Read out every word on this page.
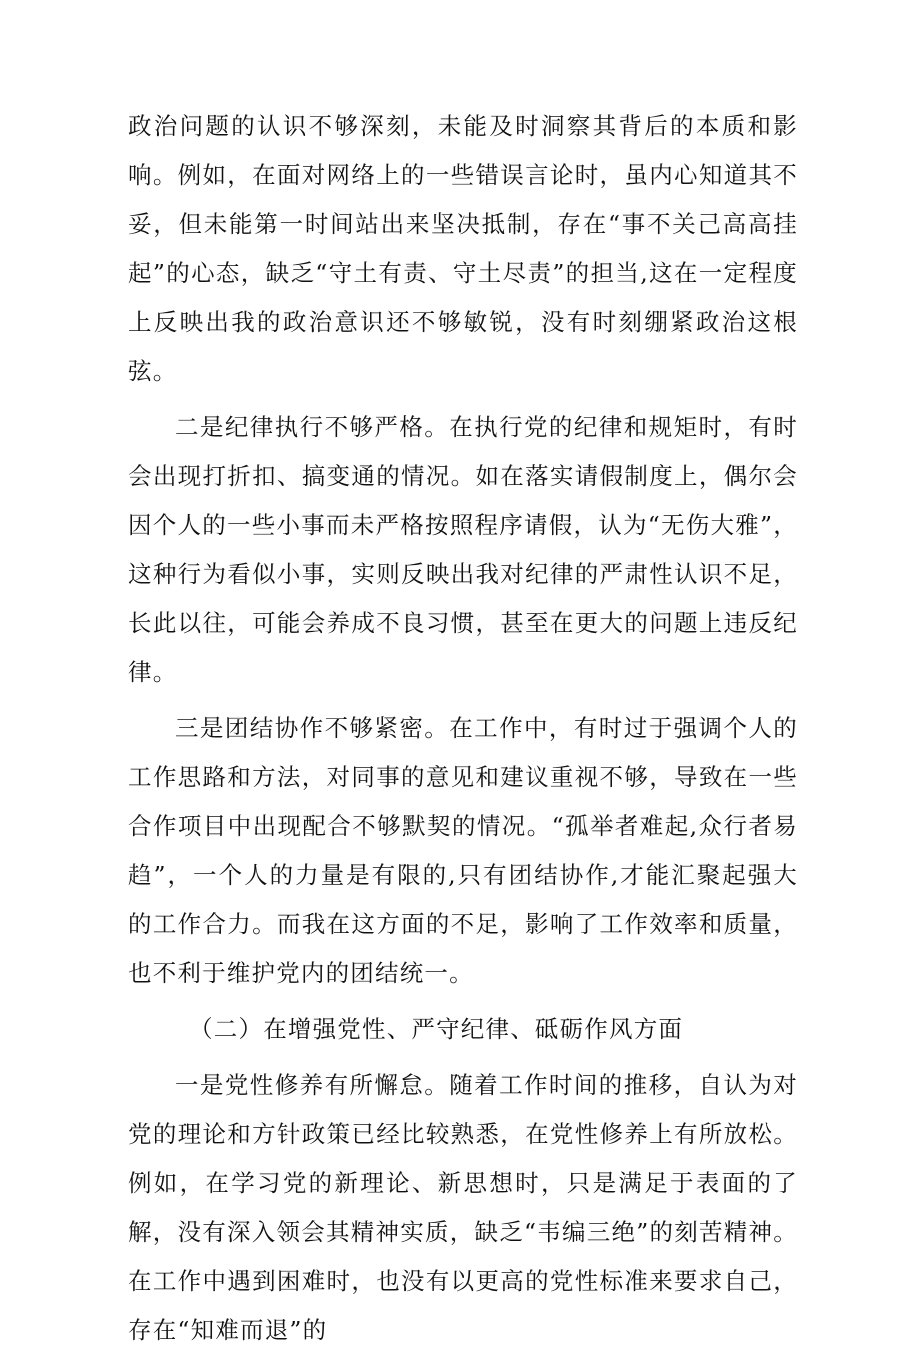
政治问题的认识不够深刻，未能及时洞察其背后的本质和影响。例如，在面对网络上的一些错误言论时，虽内心知道其不妥，但未能第一时间站出来坚决抵制，存在“事不关己高高挂起”的心态，缺乏“守土有责、守土尽责”的担当,这在一定程度上反映出我的政治意识还不够敏锐，没有时刻绷紧政治这根弦。

二是纪律执行不够严格。在执行党的纪律和规矩时，有时会出现打折扣、搞变通的情况。如在落实请假制度上，偶尔会因个人的一些小事而未严格按照程序请假，认为“无伤大雅”，这种行为看似小事，实则反映出我对纪律的严肃性认识不足，长此以往，可能会养成不良习惯，甚至在更大的问题上违反纪律。

三是团结协作不够紧密。在工作中，有时过于强调个人的工作思路和方法，对同事的意见和建议重视不够，导致在一些合作项目中出现配合不够默契的情况。“孤举者难起,众行者易趋”，一个人的力量是有限的,只有团结协作,才能汇聚起强大的工作合力。而我在这方面的不足，影响了工作效率和质量，也不利于维护党内的团结统一。

（二）在增强党性、严守纪律、砥砺作风方面

一是党性修养有所懈怠。随着工作时间的推移，自认为对党的理论和方针政策已经比较熟悉，在党性修养上有所放松。例如，在学习党的新理论、新思想时，只是满足于表面的了解，没有深入领会其精神实质，缺乏“韦编三绝”的刻苦精神。在工作中遇到困难时，也没有以更高的党性标准来要求自己，存在“知难而退”的
